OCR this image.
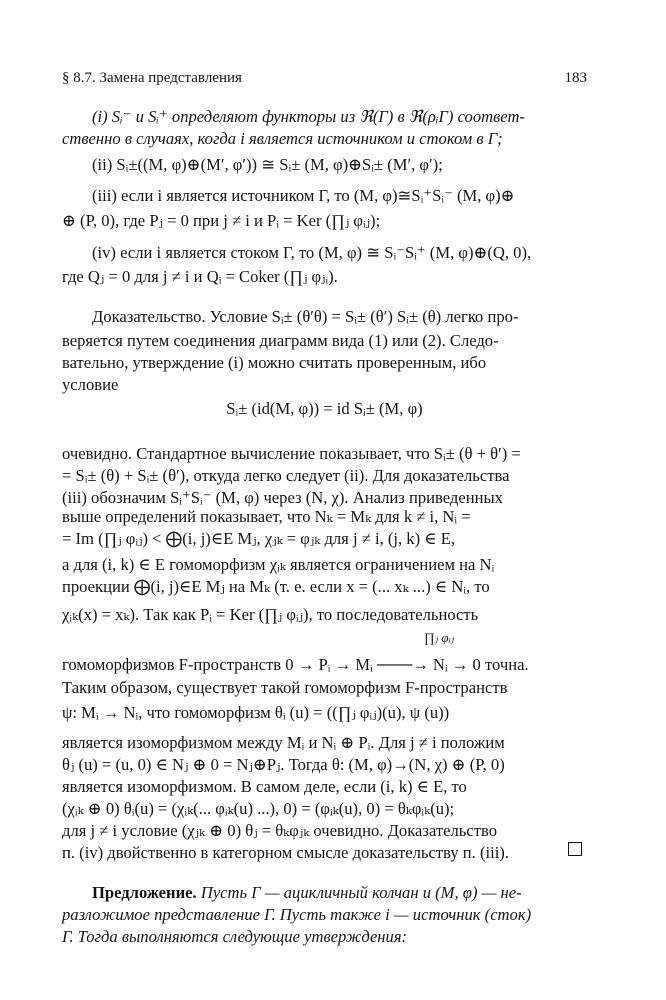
§ 8.7. Замена представления	183
(i) Sᵢ⁻ и Sᵢ⁺ определяют функторы из ℜ(Γ) в ℜ(ρᵢΓ) соответ-
ственно в случаях, когда i является источником и стоком в Γ;
(ii) Sᵢ±((M, φ)⊕(M′, φ′)) ≅ Sᵢ± (M, φ)⊕Sᵢ± (M′, φ′);
(iii) если i является источником Γ, то (M, φ)≅Sᵢ⁺Sᵢ⁻ (M, φ)⊕
⊕ (P, 0), где Pⱼ = 0 при j ≠ i и Pᵢ = Ker (∏ⱼ φᵢⱼ);
(iv) если i является стоком Γ, то (M, φ) ≅ Sᵢ⁻Sᵢ⁺ (M, φ)⊕(Q, 0),
где Qⱼ = 0 для j ≠ i и Qᵢ = Coker (∏ⱼ φⱼᵢ).
Доказательство. Условие Sᵢ± (θ′θ) = Sᵢ± (θ′) Sᵢ± (θ) легко про-
веряется путем соединения диаграмм вида (1) или (2). Следо-
вательно, утверждение (i) можно считать проверенным, ибо
условие
Sᵢ± (id(M, φ)) = id Sᵢ± (M, φ)
очевидно. Стандартное вычисление показывает, что Sᵢ± (θ + θ′) =
= Sᵢ± (θ) + Sᵢ± (θ′), откуда легко следует (ii). Для доказательства
(iii) обозначим Sᵢ⁺Sᵢ⁻ (M, φ) через (N, χ). Анализ приведенных
выше определений показывает, что Nₖ = Mₖ для k ≠ i, Nᵢ =
= Im (∏ⱼ φᵢⱼ) < ⨁(i, j)∈E Mⱼ, χⱼₖ = φⱼₖ для j ≠ i, (j, k) ∈ E,
а для (i, k) ∈ E гомоморфизм χᵢₖ является ограничением на Nᵢ
проекции ⨁(i, j)∈E Mⱼ на Mₖ (т. е. если x = (... xₖ ...) ∈ Nᵢ, то
χᵢₖ(x) = xₖ). Так как Pᵢ = Ker (∏ⱼ φᵢⱼ), то последовательность
∏ⱼ φᵢⱼ
гомоморфизмов F-пространств 0 → Pᵢ → Mᵢ ───→ Nᵢ → 0 точна.
Таким образом, существует такой гомоморфизм F-пространств
ψ: Mᵢ → Nᵢ, что гомоморфизм θᵢ (u) = ((∏ⱼ φᵢⱼ)(u), ψ (u))
является изоморфизмом между Mᵢ и Nᵢ ⊕ Pᵢ. Для j ≠ i положим
θⱼ (u) = (u, 0) ∈ Nⱼ ⊕ 0 = Nⱼ⊕Pⱼ. Тогда θ: (M, φ)→(N, χ) ⊕ (P, 0)
является изоморфизмом. В самом деле, если (i, k) ∈ E, то
(χᵢₖ ⊕ 0) θᵢ(u) = (χᵢₖ(... φᵢₖ(u) ...), 0) = (φᵢₖ(u), 0) = θₖφᵢₖ(u);
для j ≠ i условие (χⱼₖ ⊕ 0) θⱼ = θₖφⱼₖ очевидно. Доказательство
п. (iv) двойственно в категорном смысле доказательству п. (iii).
Предложение. Пусть Γ — ацикличный колчан и (M, φ) — не-
разложимое представление Γ. Пусть также i — источник (сток)
Γ. Тогда выполняются следующие утверждения:
